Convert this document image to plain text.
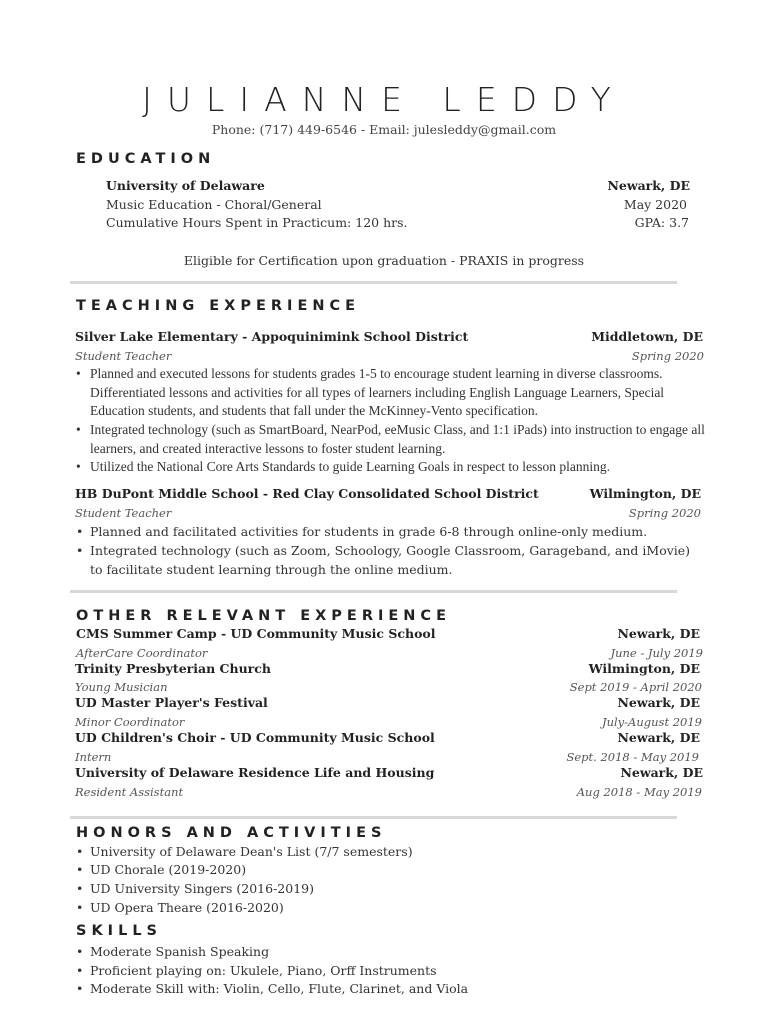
JULIANNE LEDDY
Phone: (717) 449-6546 - Email: julesleddy@gmail.com
EDUCATION
University of Delaware	Newark, DE
Music Education - Choral/General	May 2020
Cumulative Hours Spent in Practicum: 120 hrs.	GPA: 3.7
Eligible for Certification upon graduation - PRAXIS in progress
TEACHING EXPERIENCE
Silver Lake Elementary - Appoquinimink School District	Middletown, DE
Student Teacher	Spring 2020
• Planned and executed lessons for students grades 1-5 to encourage student learning in diverse classrooms. Differentiated lessons and activities for all types of learners including English Language Learners, Special Education students, and students that fall under the McKinney-Vento specification.
• Integrated technology (such as SmartBoard, NearPod, eeMusic Class, and 1:1 iPads) into instruction to engage all learners, and created interactive lessons to foster student learning.
• Utilized the National Core Arts Standards to guide Learning Goals in respect to lesson planning.
HB DuPont Middle School - Red Clay Consolidated School District	Wilmington, DE
Student Teacher	Spring 2020
• Planned and facilitated activities for students in grade 6-8 through online-only medium.
• Integrated technology (such as Zoom, Schoology, Google Classroom, Garageband, and iMovie) to facilitate student learning through the online medium.
OTHER RELEVANT EXPERIENCE
CMS Summer Camp - UD Community Music School	Newark, DE
AfterCare Coordinator	June - July 2019
Trinity Presbyterian Church	Wilmington, DE
Young Musician	Sept 2019 - April 2020
UD Master Player's Festival	Newark, DE
Minor Coordinator	July-August 2019
UD Children's Choir - UD Community Music School	Newark, DE
Intern	Sept. 2018 - May 2019
University of Delaware Residence Life and Housing	Newark, DE
Resident Assistant	Aug 2018 - May 2019
HONORS AND ACTIVITIES
• University of Delaware Dean's List (7/7 semesters)
• UD Chorale (2019-2020)
• UD University Singers (2016-2019)
• UD Opera Theare (2016-2020)
SKILLS
• Moderate Spanish Speaking
• Proficient playing on: Ukulele, Piano, Orff Instruments
• Moderate Skill with: Violin, Cello, Flute, Clarinet, and Viola
